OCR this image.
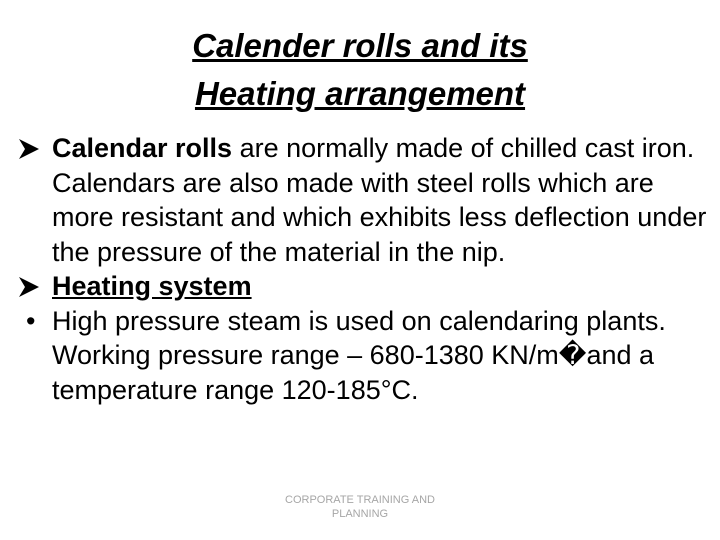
Calender rolls and its
Heating arrangement
Calendar rolls are normally made of chilled cast iron. Calendars are also made with steel rolls which are more resistant and which exhibits less deflection under the pressure of the material in the nip.
Heating system
• High pressure steam is used on calendaring plants. Working pressure range – 680-1380 KN/m�and a temperature range 120-185°C.
CORPORATE TRAINING AND
PLANNING
